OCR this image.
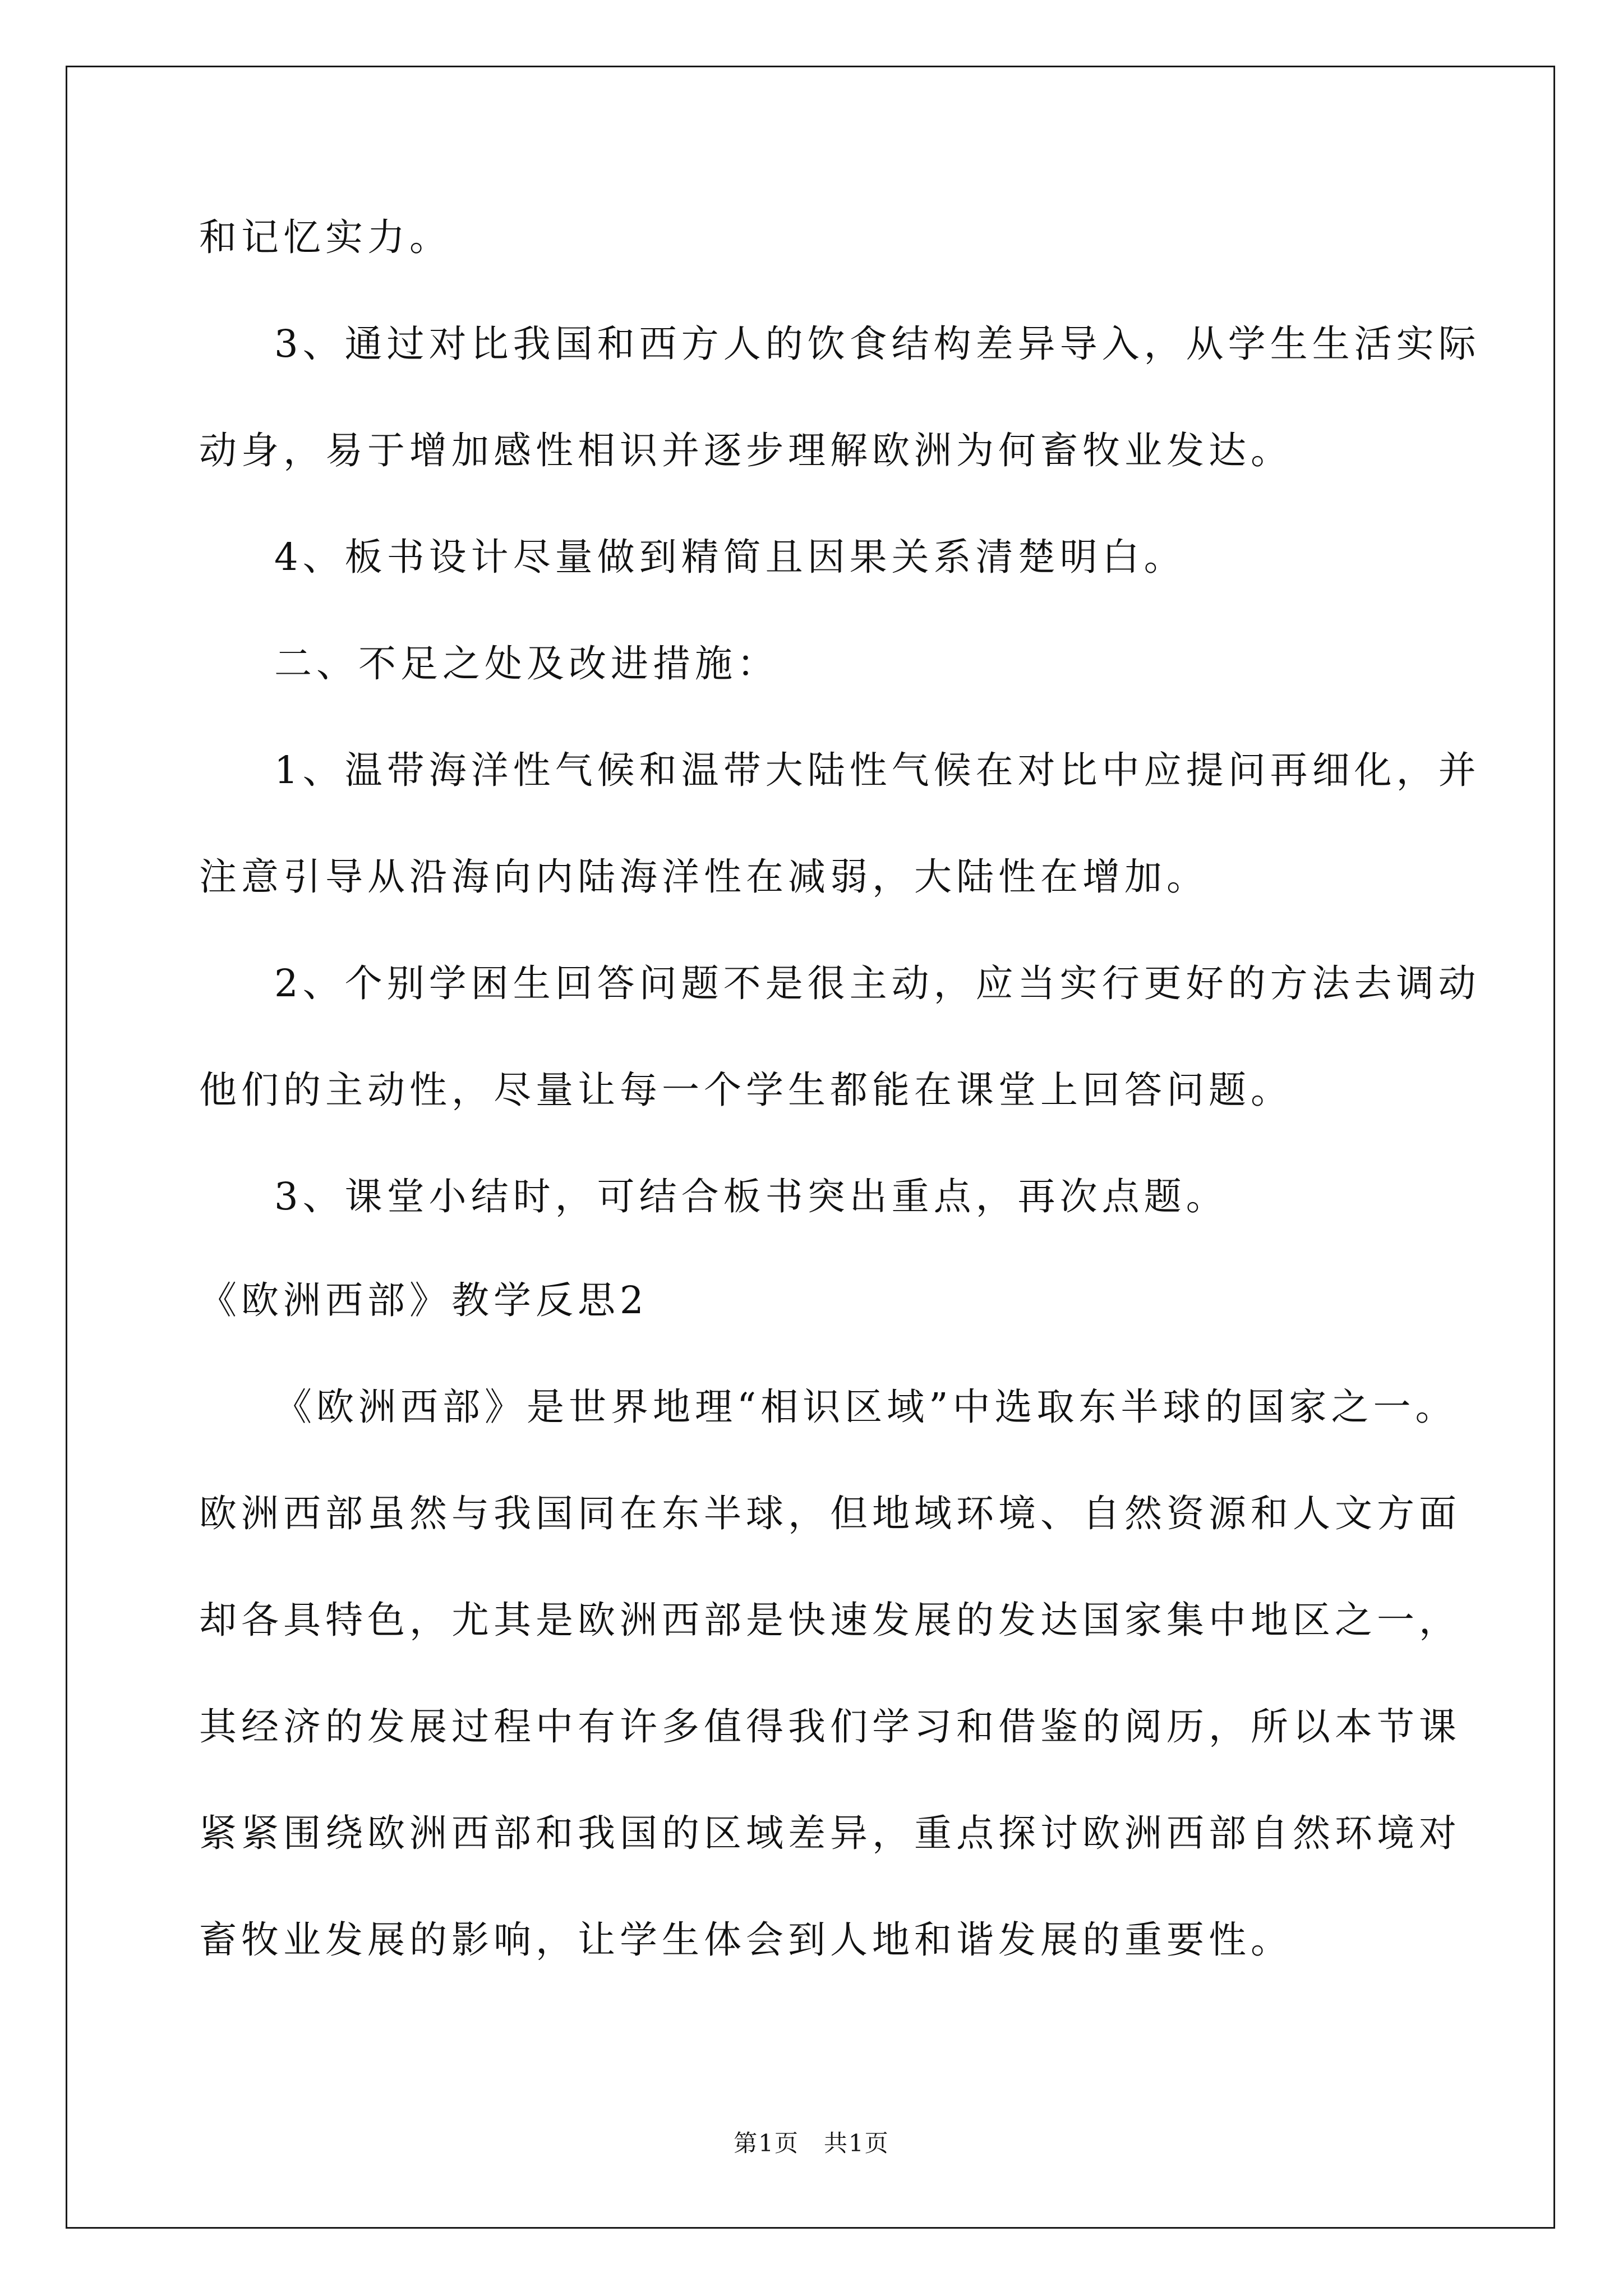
和记忆实力。
3、通过对比我国和西方人的饮食结构差异导入，从学生生活实际
动身，易于增加感性相识并逐步理解欧洲为何畜牧业发达。
4、板书设计尽量做到精简且因果关系清楚明白。
二、不足之处及改进措施：
1、温带海洋性气候和温带大陆性气候在对比中应提问再细化，并
注意引导从沿海向内陆海洋性在减弱，大陆性在增加。
2、个别学困生回答问题不是很主动，应当实行更好的方法去调动
他们的主动性，尽量让每一个学生都能在课堂上回答问题。
3、课堂小结时，可结合板书突出重点，再次点题。
《欧洲西部》教学反思2
《欧洲西部》是世界地理“相识区域”中选取东半球的国家之一。
欧洲西部虽然与我国同在东半球，但地域环境、自然资源和人文方面
却各具特色，尤其是欧洲西部是快速发展的发达国家集中地区之一，
其经济的发展过程中有许多值得我们学习和借鉴的阅历，所以本节课
紧紧围绕欧洲西部和我国的区域差异，重点探讨欧洲西部自然环境对
畜牧业发展的影响，让学生体会到人地和谐发展的重要性。
第1页　共1页
